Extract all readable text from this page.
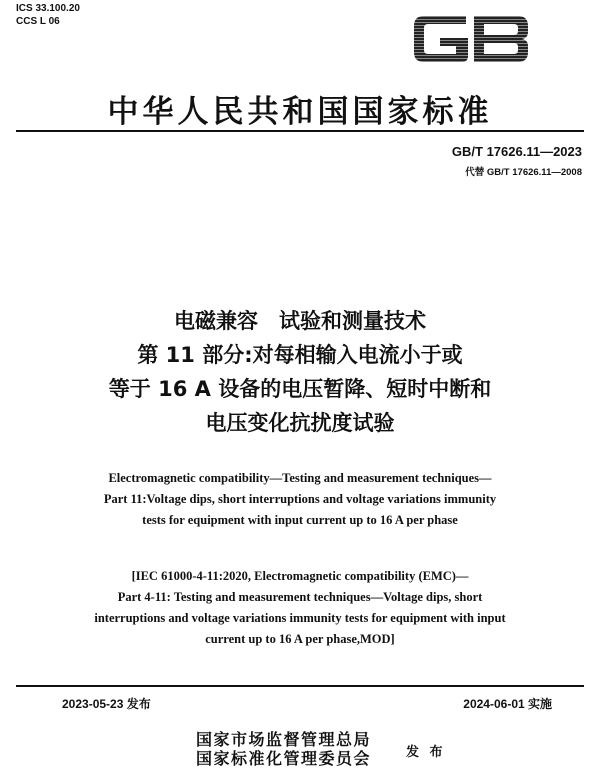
ICS 33.100.20
CCS L 06
GB
中华人民共和国国家标准
GB/T 17626.11—2023
代替 GB/T 17626.11—2008
电磁兼容　试验和测量技术
第 11 部分:对每相输入电流小于或
等于 16 A 设备的电压暂降、短时中断和
电压变化抗扰度试验
Electromagnetic compatibility—Testing and measurement techniques—
Part 11:Voltage dips, short interruptions and voltage variations immunity
tests for equipment with input current up to 16 A per phase
[IEC 61000-4-11:2020, Electromagnetic compatibility (EMC)—
Part 4-11: Testing and measurement techniques—Voltage dips, short
interruptions and voltage variations immunity tests for equipment with input
current up to 16 A per phase,MOD]
2023-05-23 发布	2024-06-01 实施
国家市场监督管理总局
国家标准化管理委员会	发 布
